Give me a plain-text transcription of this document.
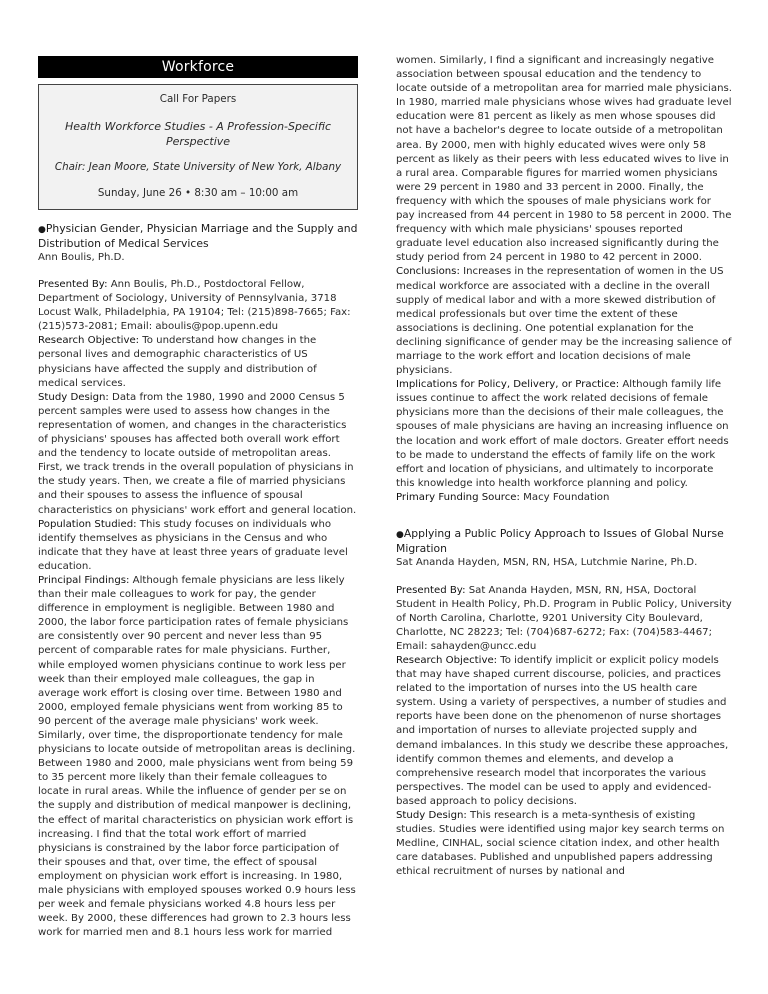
Workforce

Call For Papers

Health Workforce Studies - A Profession-Specific Perspective

Chair: Jean Moore, State University of New York, Albany

Sunday, June 26 • 8:30 am – 10:00 am

●Physician Gender, Physician Marriage and the Supply and Distribution of Medical Services
Ann Boulis, Ph.D.

Presented By: Ann Boulis, Ph.D., Postdoctoral Fellow, Department of Sociology, University of Pennsylvania, 3718 Locust Walk, Philadelphia, PA 19104; Tel: (215)898-7665; Fax: (215)573-2081; Email: aboulis@pop.upenn.edu

Research Objective: To understand how changes in the personal lives and demographic characteristics of US physicians have affected the supply and distribution of medical services.

Study Design: Data from the 1980, 1990 and 2000 Census 5 percent samples were used to assess how changes in the representation of women, and changes in the characteristics of physicians' spouses has affected both overall work effort and the tendency to locate outside of metropolitan areas. First, we track trends in the overall population of physicians in the study years. Then, we create a file of married physicians and their spouses to assess the influence of spousal characteristics on physicians' work effort and general location.

Population Studied: This study focuses on individuals who identify themselves as physicians in the Census and who indicate that they have at least three years of graduate level education.

Principal Findings: Although female physicians are less likely than their male colleagues to work for pay, the gender difference in employment is negligible. Between 1980 and 2000, the labor force participation rates of female physicians are consistently over 90 percent and never less than 95 percent of comparable rates for male physicians. Further, while employed women physicians continue to work less per week than their employed male colleagues, the gap in average work effort is closing over time. Between 1980 and 2000, employed female physicians went from working 85 to 90 percent of the average male physicians' work week. Similarly, over time, the disproportionate tendency for male physicians to locate outside of metropolitan areas is declining. Between 1980 and 2000, male physicians went from being 59 to 35 percent more likely than their female colleagues to locate in rural areas. While the influence of gender per se on the supply and distribution of medical manpower is declining, the effect of marital characteristics on physician work effort is increasing. I find that the total work effort of married physicians is constrained by the labor force participation of their spouses and that, over time, the effect of spousal employment on physician work effort is increasing. In 1980, male physicians with employed spouses worked 0.9 hours less per week and female physicians worked 4.8 hours less per week. By 2000, these differences had grown to 2.3 hours less work for married men and 8.1 hours less work for married

women. Similarly, I find a significant and increasingly negative association between spousal education and the tendency to locate outside of a metropolitan area for married male physicians. In 1980, married male physicians whose wives had graduate level education were 81 percent as likely as men whose spouses did not have a bachelor's degree to locate outside of a metropolitan area. By 2000, men with highly educated wives were only 58 percent as likely as their peers with less educated wives to live in a rural area. Comparable figures for married women physicians were 29 percent in 1980 and 33 percent in 2000. Finally, the frequency with which the spouses of male physicians work for pay increased from 44 percent in 1980 to 58 percent in 2000. The frequency with which male physicians' spouses reported graduate level education also increased significantly during the study period from 24 percent in 1980 to 42 percent in 2000.

Conclusions: Increases in the representation of women in the US medical workforce are associated with a decline in the overall supply of medical labor and with a more skewed distribution of medical professionals but over time the extent of these associations is declining. One potential explanation for the declining significance of gender may be the increasing salience of marriage to the work effort and location decisions of male physicians.

Implications for Policy, Delivery, or Practice: Although family life issues continue to affect the work related decisions of female physicians more than the decisions of their male colleagues, the spouses of male physicians are having an increasing influence on the location and work effort of male doctors. Greater effort needs to be made to understand the effects of family life on the work effort and location of physicians, and ultimately to incorporate this knowledge into health workforce planning and policy.

Primary Funding Source: Macy Foundation

●Applying a Public Policy Approach to Issues of Global Nurse Migration
Sat Ananda Hayden, MSN, RN, HSA, Lutchmie Narine, Ph.D.

Presented By: Sat Ananda Hayden, MSN, RN, HSA, Doctoral Student in Health Policy, Ph.D. Program in Public Policy, University of North Carolina, Charlotte, 9201 University City Boulevard, Charlotte, NC 28223; Tel: (704)687-6272; Fax: (704)583-4467; Email: sahayden@uncc.edu

Research Objective: To identify implicit or explicit policy models that may have shaped current discourse, policies, and practices related to the importation of nurses into the US health care system. Using a variety of perspectives, a number of studies and reports have been done on the phenomenon of nurse shortages and importation of nurses to alleviate projected supply and demand imbalances. In this study we describe these approaches, identify common themes and elements, and develop a comprehensive research model that incorporates the various perspectives. The model can be used to apply and evidenced-based approach to policy decisions.

Study Design: This research is a meta-synthesis of existing studies. Studies were identified using major key search terms on Medline, CINHAL, social science citation index, and other health care databases. Published and unpublished papers addressing ethical recruitment of nurses by national and
